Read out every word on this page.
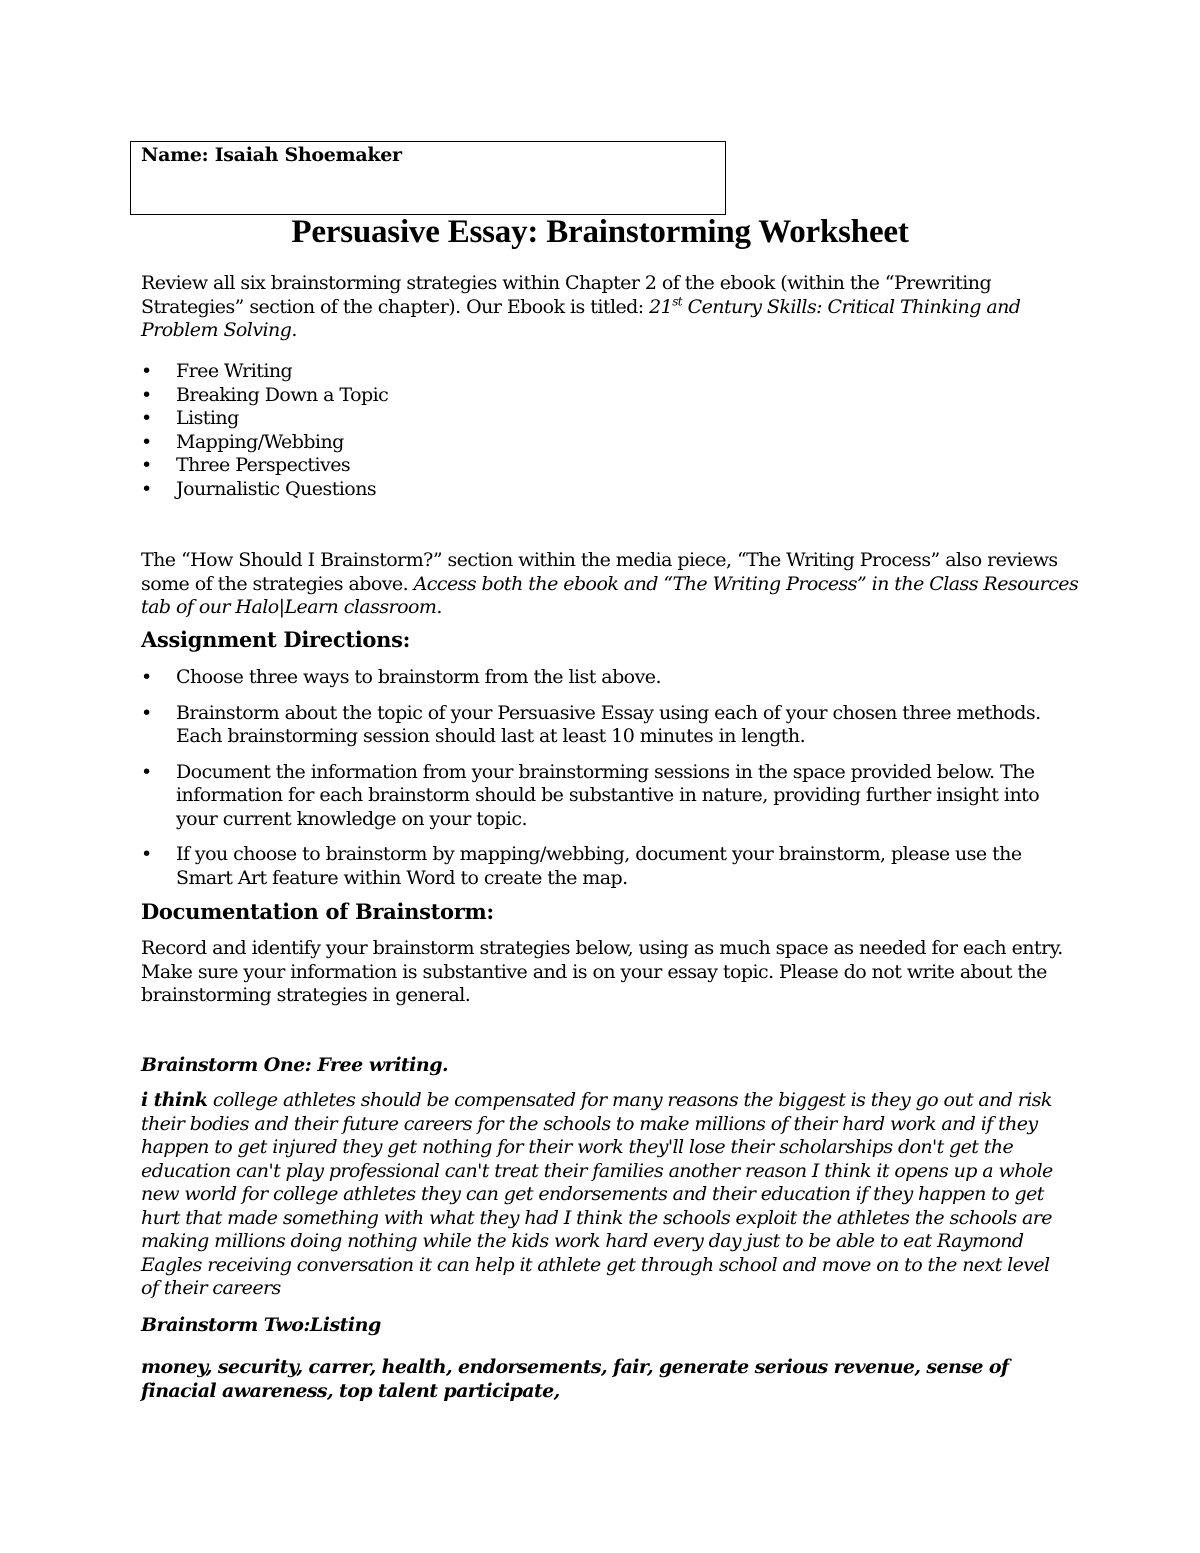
Name: Isaiah Shoemaker
Persuasive Essay: Brainstorming Worksheet
Review all six brainstorming strategies within Chapter 2 of the ebook (within the “Prewriting Strategies” section of the chapter). Our Ebook is titled: 21st Century Skills: Critical Thinking and Problem Solving.
• Free Writing
• Breaking Down a Topic
• Listing
• Mapping/Webbing
• Three Perspectives
• Journalistic Questions
The “How Should I Brainstorm?” section within the media piece, “The Writing Process” also reviews some of the strategies above. Access both the ebook and “The Writing Process” in the Class Resources tab of our Halo|Learn classroom.
Assignment Directions:
• Choose three ways to brainstorm from the list above.
• Brainstorm about the topic of your Persuasive Essay using each of your chosen three methods. Each brainstorming session should last at least 10 minutes in length.
• Document the information from your brainstorming sessions in the space provided below. The information for each brainstorm should be substantive in nature, providing further insight into your current knowledge on your topic.
• If you choose to brainstorm by mapping/webbing, document your brainstorm, please use the Smart Art feature within Word to create the map.
Documentation of Brainstorm:
Record and identify your brainstorm strategies below, using as much space as needed for each entry. Make sure your information is substantive and is on your essay topic. Please do not write about the brainstorming strategies in general.
Brainstorm One: Free writing.
i think college athletes should be compensated for many reasons the biggest is they go out and risk their bodies and their future careers for the schools to make millions of their hard work and if they happen to get injured they get nothing for their work they'll lose their scholarships don't get the education can't play professional can't treat their families another reason I think it opens up a whole new world for college athletes they can get endorsements and their education if they happen to get hurt that made something with what they had I think the schools exploit the athletes the schools are making millions doing nothing while the kids work hard every day just to be able to eat Raymond Eagles receiving conversation it can help it athlete get through school and move on to the next level of their careers
Brainstorm Two:Listing
money, security, carrer, health, endorsements, fair, generate serious revenue, sense of finacial awareness, top talent participate,
